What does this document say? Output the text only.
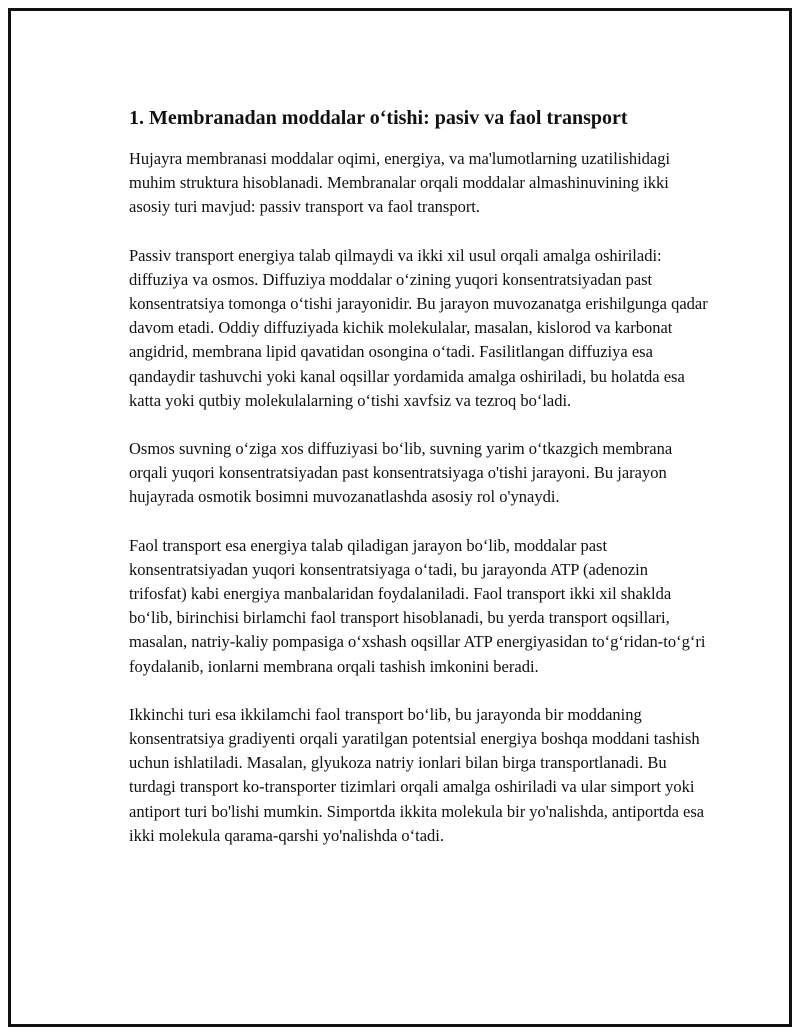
1. Membranadan moddalar o‘tishi: pasiv va faol transport

Hujayra membranasi moddalar oqimi, energiya, va ma'lumotlarning uzatilishidagi muhim struktura hisoblanadi. Membranalar orqali moddalar almashinuvining ikki asosiy turi mavjud: passiv transport va faol transport.

Passiv transport energiya talab qilmaydi va ikki xil usul orqali amalga oshiriladi: diffuziya va osmos. Diffuziya moddalar o‘zining yuqori konsentratsiyadan past konsentratsiya tomonga o‘tishi jarayonidir. Bu jarayon muvozanatga erishilgunga qadar davom etadi. Oddiy diffuziyada kichik molekulalar, masalan, kislorod va karbonat angidrid, membrana lipid qavatidan osongina o‘tadi. Fasilitlangan diffuziya esa qandaydir tashuvchi yoki kanal oqsillar yordamida amalga oshiriladi, bu holatda esa katta yoki qutbiy molekulalarning o‘tishi xavfsiz va tezroq bo‘ladi.

Osmos suvning o‘ziga xos diffuziyasi bo‘lib, suvning yarim o‘tkazgich membrana orqali yuqori konsentratsiyadan past konsentratsiyaga o'tishi jarayoni. Bu jarayon hujayrada osmotik bosimni muvozanatlashda asosiy rol o'ynaydi.

Faol transport esa energiya talab qiladigan jarayon bo‘lib, moddalar past konsentratsiyadan yuqori konsentratsiyaga o‘tadi, bu jarayonda ATP (adenozin trifosfat) kabi energiya manbalaridan foydalaniladi. Faol transport ikki xil shaklda bo‘lib, birinchisi birlamchi faol transport hisoblanadi, bu yerda transport oqsillari, masalan, natriy-kaliy pompasiga o‘xshash oqsillar ATP energiyasidan to‘g‘ridan-to‘g‘ri foydalanib, ionlarni membrana orqali tashish imkonini beradi.

Ikkinchi turi esa ikkilamchi faol transport bo‘lib, bu jarayonda bir moddaning konsentratsiya gradiyenti orqali yaratilgan potentsial energiya boshqa moddani tashish uchun ishlatiladi. Masalan, glyukoza natriy ionlari bilan birga transportlanadi. Bu turdagi transport ko-transporter tizimlari orqali amalga oshiriladi va ular simport yoki antiport turi bo'lishi mumkin. Simportda ikkita molekula bir yo'nalishda, antiportda esa ikki molekula qarama-qarshi yo'nalishda o‘tadi.
